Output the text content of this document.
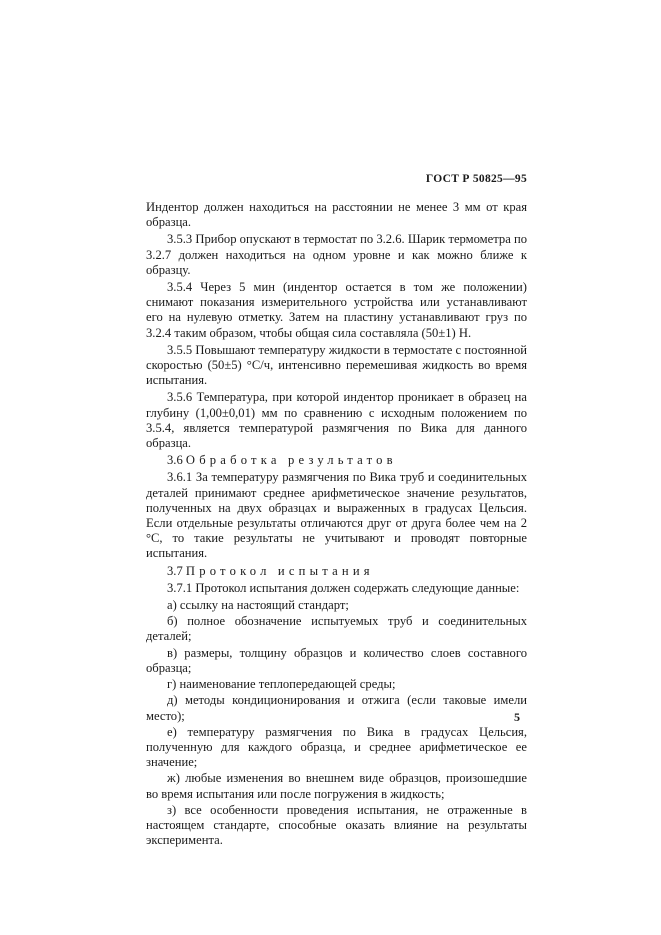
ГОСТ Р 50825—95

Индентор должен находиться на расстоянии не менее 3 мм от края образца.

3.5.3 Прибор опускают в термостат по 3.2.6. Шарик термометра по 3.2.7 должен находиться на одном уровне и как можно ближе к образцу.

3.5.4 Через 5 мин (индентор остается в том же положении) снимают показания измерительного устройства или устанавливают его на нулевую отметку. Затем на пластину устанавливают груз по 3.2.4 таким образом, чтобы общая сила составляла (50±1) Н.

3.5.5 Повышают температуру жидкости в термостате с постоянной скоростью (50±5) °С/ч, интенсивно перемешивая жидкость во время испытания.

3.5.6 Температура, при которой индентор проникает в образец на глубину (1,00±0,01) мм по сравнению с исходным положением по 3.5.4, является температурой размягчения по Вика для данного образца.

3.6 Обработка результатов

3.6.1 За температуру размягчения по Вика труб и соединительных деталей принимают среднее арифметическое значение результатов, полученных на двух образцах и выраженных в градусах Цельсия. Если отдельные результаты отличаются друг от друга более чем на 2 °С, то такие результаты не учитывают и проводят повторные испытания.

3.7 Протокол испытания

3.7.1 Протокол испытания должен содержать следующие данные:

а) ссылку на настоящий стандарт;

б) полное обозначение испытуемых труб и соединительных деталей;

в) размеры, толщину образцов и количество слоев составного образца;

г) наименование теплопередающей среды;

д) методы кондиционирования и отжига (если таковые имели место);

е) температуру размягчения по Вика в градусах Цельсия, полученную для каждого образца, и среднее арифметическое ее значение;

ж) любые изменения во внешнем виде образцов, произошедшие во время испытания или после погружения в жидкость;

з) все особенности проведения испытания, не отраженные в настоящем стандарте, способные оказать влияние на результаты эксперимента.

5
